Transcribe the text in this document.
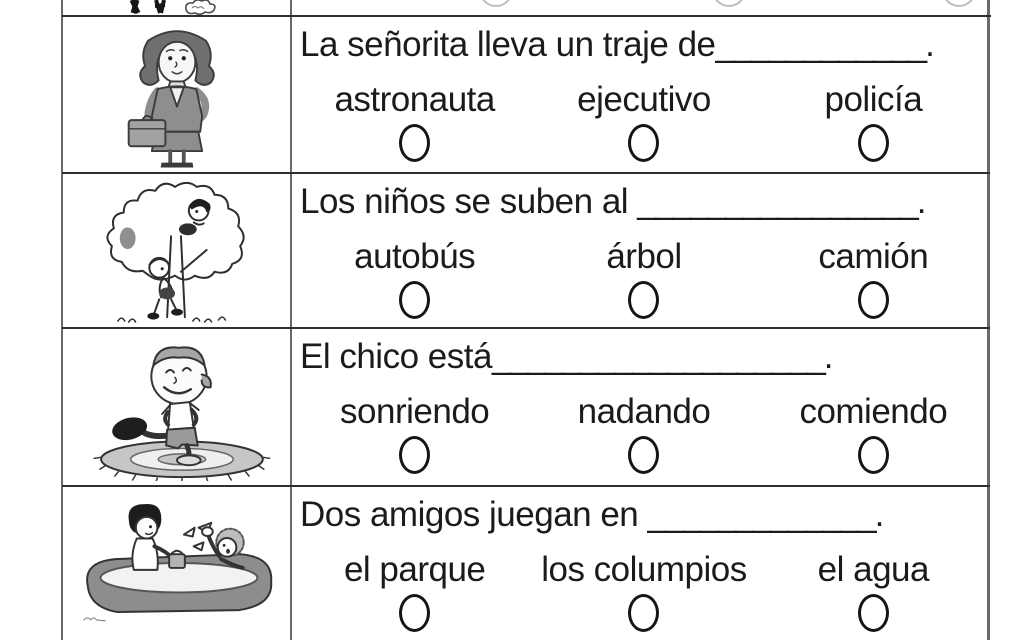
La señorita lleva un traje de____________.
astronauta	ejecutivo	policía
Los niños se suben al ________________.
autobús	árbol	camión
El chico está___________________.
sonriendo	nadando	comiendo
Dos amigos juegan en _____________.
el parque	los columpios	el agua
